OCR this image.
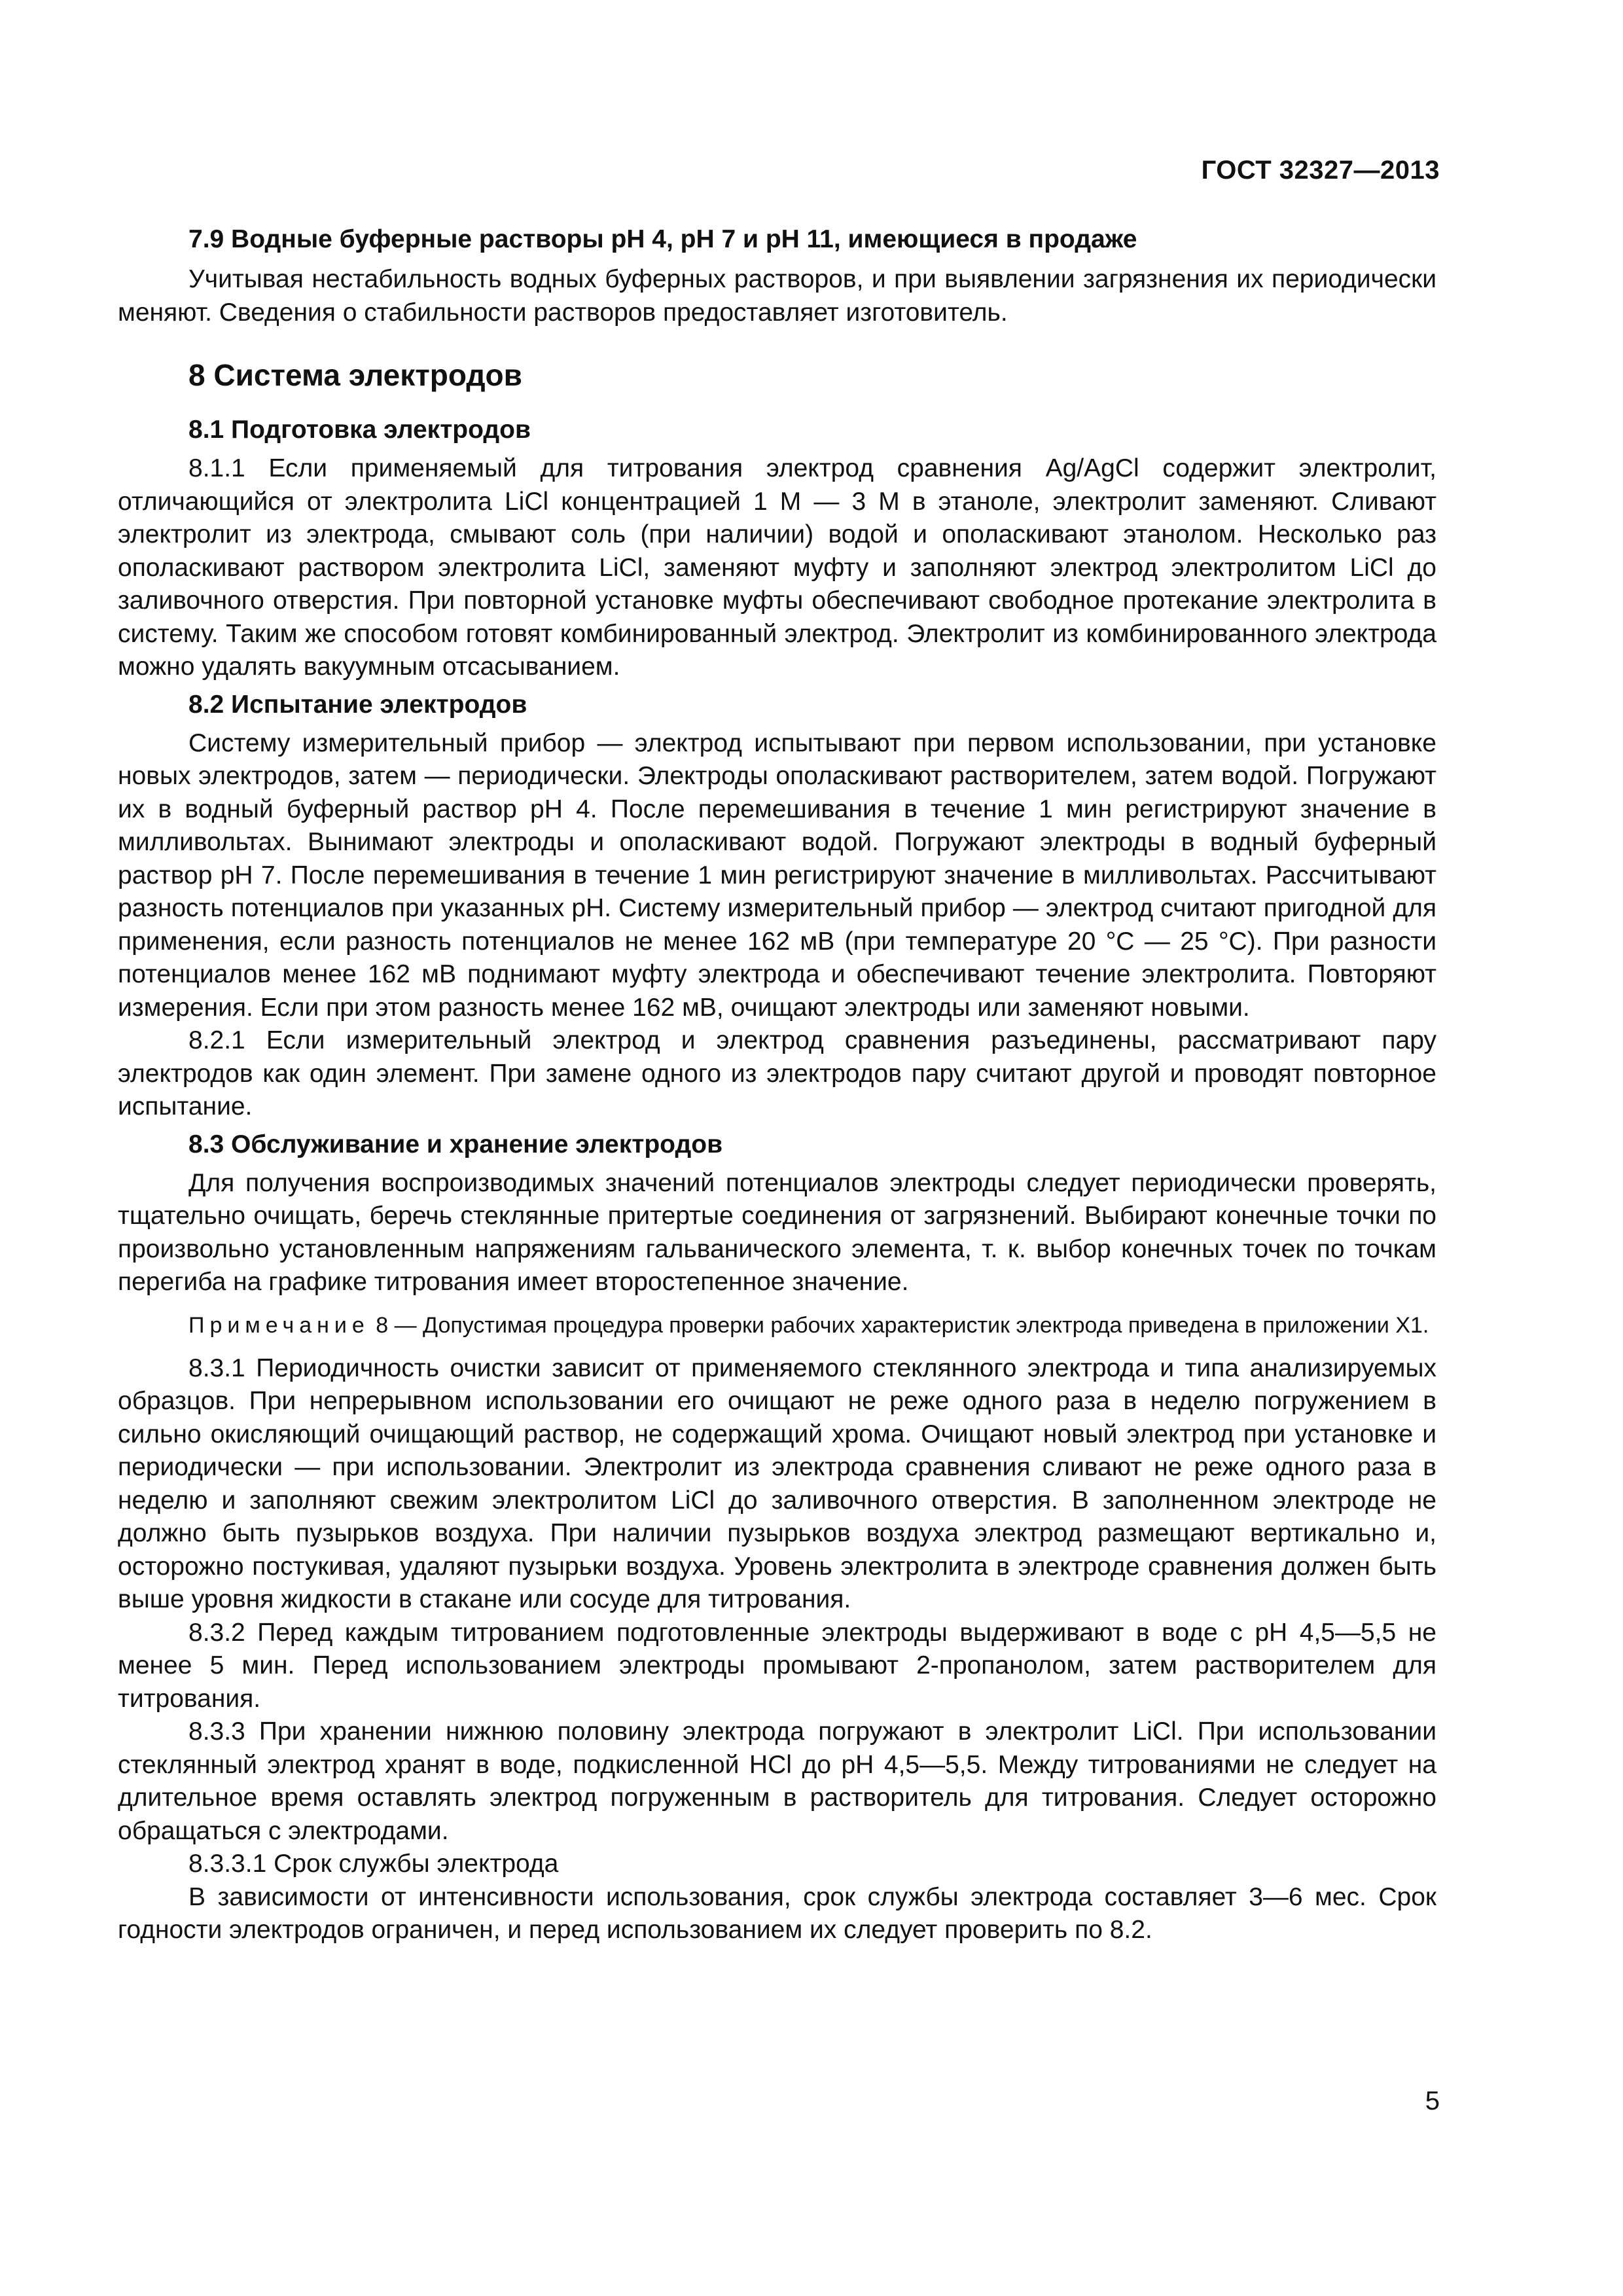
ГОСТ 32327—2013
7.9 Водные буферные растворы рН 4, рН 7 и рН 11, имеющиеся в продаже

Учитывая нестабильность водных буферных растворов, и при выявлении загрязнения их периодически меняют. Сведения о стабильности растворов предоставляет изготовитель.

8 Система электродов
8.1 Подготовка электродов

8.1.1 Если применяемый для титрования электрод сравнения Ag/AgCl содержит электролит, отличающийся от электролита LiCl концентрацией 1 М — 3 М в этаноле, электролит заменяют. Сливают электролит из электрода, смывают соль (при наличии) водой и ополаскивают этанолом. Несколько раз ополаскивают раствором электролита LiCl, заменяют муфту и заполняют электрод электролитом LiCl до заливочного отверстия. При повторной установке муфты обеспечивают свободное протекание электролита в систему. Таким же способом готовят комбинированный электрод. Электролит из комбинированного электрода можно удалять вакуумным отсасыванием.

8.2 Испытание электродов

Систему измерительный прибор — электрод испытывают при первом использовании, при установке новых электродов, затем — периодически. Электроды ополаскивают растворителем, затем водой. Погружают их в водный буферный раствор рН 4. После перемешивания в течение 1 мин регистрируют значение в милливольтах. Вынимают электроды и ополаскивают водой. Погружают электроды в водный буферный раствор рН 7. После перемешивания в течение 1 мин регистрируют значение в милливольтах. Рассчитывают разность потенциалов при указанных рН. Систему измерительный прибор — электрод считают пригодной для применения, если разность потенциалов не менее 162 мВ (при температуре 20 °С — 25 °С). При разности потенциалов менее 162 мВ поднимают муфту электрода и обеспечивают течение электролита. Повторяют измерения. Если при этом разность менее 162 мВ, очищают электроды или заменяют новыми.

8.2.1 Если измерительный электрод и электрод сравнения разъединены, рассматривают пару электродов как один элемент. При замене одного из электродов пару считают другой и проводят повторное испытание.

8.3 Обслуживание и хранение электродов

Для получения воспроизводимых значений потенциалов электроды следует периодически проверять, тщательно очищать, беречь стеклянные притертые соединения от загрязнений. Выбирают конечные точки по произвольно установленным напряжениям гальванического элемента, т. к. выбор конечных точек по точкам перегиба на графике титрования имеет второстепенное значение.

Примечание 8 — Допустимая процедура проверки рабочих характеристик электрода приведена в приложении Х1.

8.3.1 Периодичность очистки зависит от применяемого стеклянного электрода и типа анализируемых образцов. При непрерывном использовании его очищают не реже одного раза в неделю погружением в сильно окисляющий очищающий раствор, не содержащий хрома. Очищают новый электрод при установке и периодически — при использовании. Электролит из электрода сравнения сливают не реже одного раза в неделю и заполняют свежим электролитом LiCl до заливочного отверстия. В заполненном электроде не должно быть пузырьков воздуха. При наличии пузырьков воздуха электрод размещают вертикально и, осторожно постукивая, удаляют пузырьки воздуха. Уровень электролита в электроде сравнения должен быть выше уровня жидкости в стакане или сосуде для титрования.

8.3.2 Перед каждым титрованием подготовленные электроды выдерживают в воде с рН 4,5—5,5 не менее 5 мин. Перед использованием электроды промывают 2-пропанолом, затем растворителем для титрования.

8.3.3 При хранении нижнюю половину электрода погружают в электролит LiCl. При использовании стеклянный электрод хранят в воде, подкисленной НCl до рН 4,5—5,5. Между титрованиями не следует на длительное время оставлять электрод погруженным в растворитель для титрования. Следует осторожно обращаться с электродами.

8.3.3.1 Срок службы электрода

В зависимости от интенсивности использования, срок службы электрода составляет 3—6 мес. Срок годности электродов ограничен, и перед использованием их следует проверить по 8.2.

5
